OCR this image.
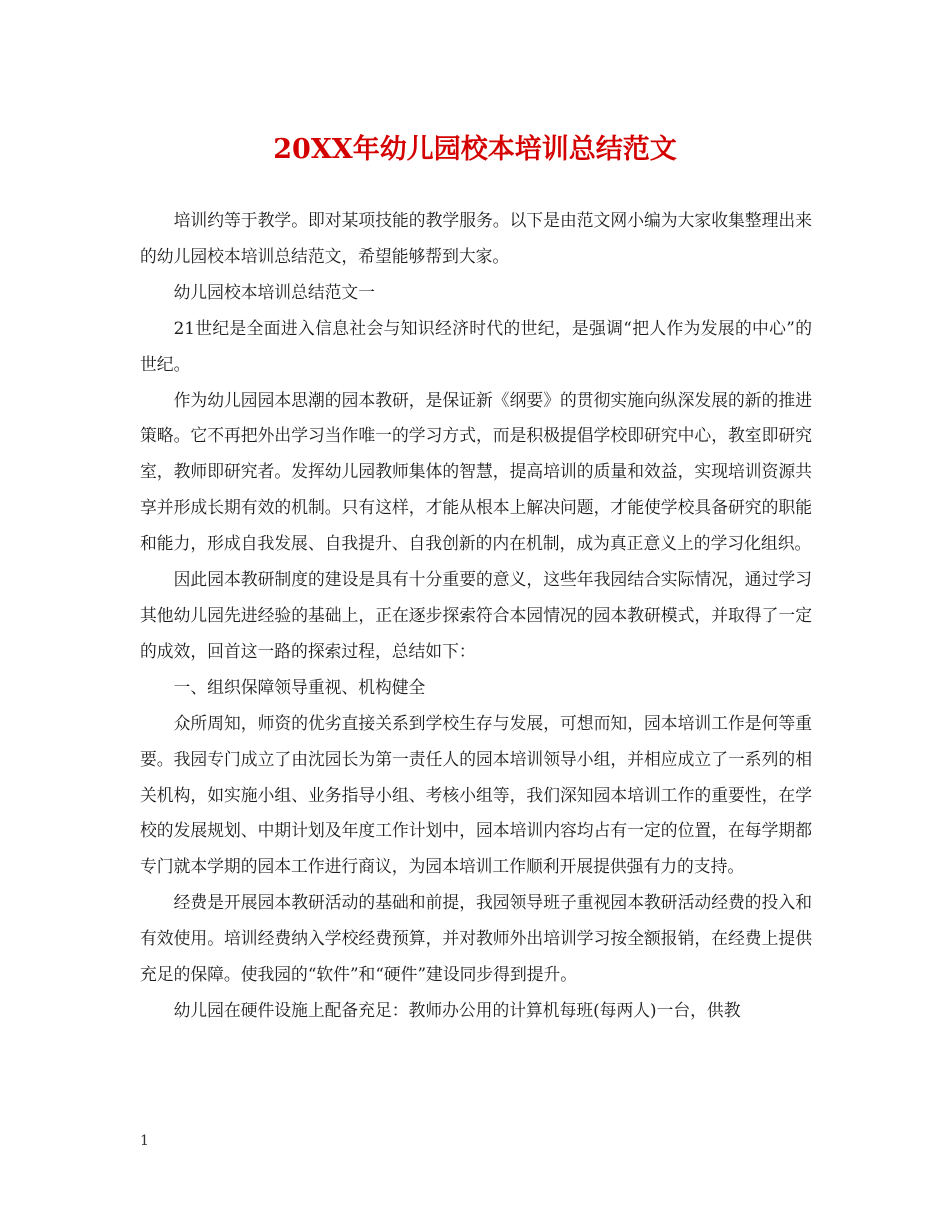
20XX年幼儿园校本培训总结范文

培训约等于教学。即对某项技能的教学服务。以下是由范文网小编为大家收集整理出来的幼儿园校本培训总结范文，希望能够帮到大家。

幼儿园校本培训总结范文一

21世纪是全面进入信息社会与知识经济时代的世纪，是强调“把人作为发展的中心”的世纪。

作为幼儿园园本思潮的园本教研，是保证新《纲要》的贯彻实施向纵深发展的新的推进策略。它不再把外出学习当作唯一的学习方式，而是积极提倡学校即研究中心，教室即研究室，教师即研究者。发挥幼儿园教师集体的智慧，提高培训的质量和效益，实现培训资源共享并形成长期有效的机制。只有这样，才能从根本上解决问题，才能使学校具备研究的职能和能力，形成自我发展、自我提升、自我创新的内在机制，成为真正意义上的学习化组织。

因此园本教研制度的建设是具有十分重要的意义，这些年我园结合实际情况，通过学习其他幼儿园先进经验的基础上，正在逐步探索符合本园情况的园本教研模式，并取得了一定的成效，回首这一路的探索过程，总结如下：

一、组织保障领导重视、机构健全

众所周知，师资的优劣直接关系到学校生存与发展，可想而知，园本培训工作是何等重要。我园专门成立了由沈园长为第一责任人的园本培训领导小组，并相应成立了一系列的相关机构，如实施小组、业务指导小组、考核小组等，我们深知园本培训工作的重要性，在学校的发展规划、中期计划及年度工作计划中，园本培训内容均占有一定的位置，在每学期都专门就本学期的园本工作进行商议，为园本培训工作顺利开展提供强有力的支持。

经费是开展园本教研活动的基础和前提，我园领导班子重视园本教研活动经费的投入和有效使用。培训经费纳入学校经费预算，并对教师外出培训学习按全额报销，在经费上提供充足的保障。使我园的“软件”和“硬件”建设同步得到提升。

幼儿园在硬件设施上配备充足：教师办公用的计算机每班(每两人)一台，供教

1
